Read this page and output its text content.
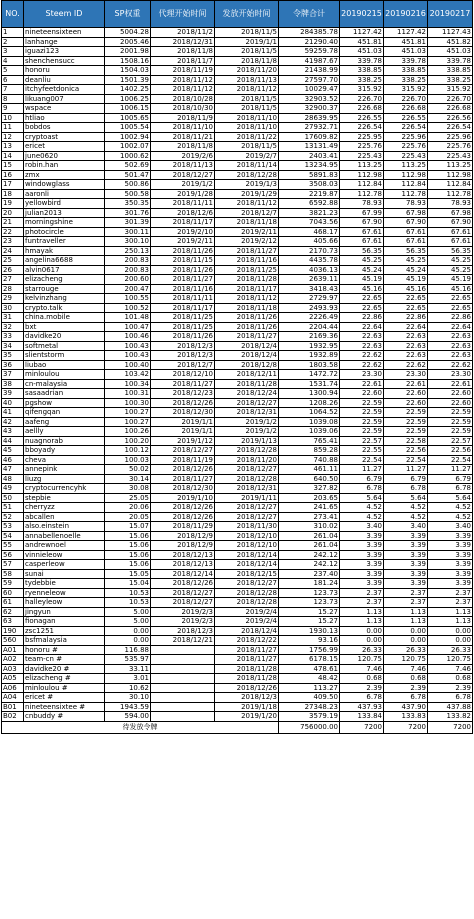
NO.	Steem ID	SP权重	代理开始时间	发放开始时间	令牌合计	20190215	20190216	20190217
1	nineteensixteen	5004.28	2018/11/2	2018/11/5	284385.78	1127.42	1127.42	1127.43
2	lanhange	2005.46	2018/12/31	2019/1/1	21290.40	451.81	451.81	451.82
3	iguazi123	2001.98	2018/11/8	2018/11/5	59259.78	451.03	451.03	451.03
4	shenchensucc	1508.16	2018/11/7	2018/11/8	41987.67	339.78	339.78	339.78
5	honoru	1504.03	2018/11/19	2018/11/20	21438.99	338.85	338.85	338.85
6	deanliu	1501.39	2018/11/12	2018/11/13	27597.70	338.25	338.25	338.25
7	itchyfeetdonica	1402.25	2018/11/12	2018/11/12	10029.47	315.92	315.92	315.92
8	likuang007	1006.25	2018/10/28	2018/11/5	32903.52	226.70	226.70	226.70
9	wspace	1006.15	2018/10/30	2018/11/5	32900.37	226.68	226.68	226.68
10	htliao	1005.65	2018/11/9	2018/11/10	28639.95	226.55	226.55	226.56
11	bobdos	1005.54	2018/11/10	2018/11/10	27932.71	226.54	226.54	226.54
12	cryptoast	1002.94	2018/11/21	2018/11/22	17609.82	225.95	225.96	225.96
13	ericet	1002.07	2018/11/8	2018/11/5	13131.49	225.76	225.76	225.76
14	june0620	1000.62	2019/2/6	2019/2/7	2403.41	225.43	225.43	225.43
15	robin.han	502.69	2018/11/13	2018/11/14	13234.95	113.25	113.25	113.25
16	zmx	501.47	2018/12/27	2018/12/28	5891.83	112.98	112.98	112.98
17	windowglass	500.86	2019/1/2	2019/1/3	3508.03	112.84	112.84	112.84
18	aaronli	500.58	2019/1/28	2019/1/29	2219.87	112.78	112.78	112.78
19	yellowbird	350.35	2018/11/11	2018/11/12	6592.88	78.93	78.93	78.93
20	julian2013	301.76	2018/12/6	2018/12/7	3821.23	67.99	67.98	67.98
21	morningshine	301.39	2018/11/17	2018/11/18	7043.56	67.90	67.90	67.90
22	photocircle	300.11	2019/2/10	2019/2/11	468.17	67.61	67.61	67.61
23	funtraveller	300.10	2019/2/11	2019/2/12	405.66	67.61	67.61	67.61
24	hmayak	250.13	2018/11/26	2018/11/27	2170.73	56.35	56.35	56.35
25	angelina6688	200.83	2018/11/15	2018/11/16	4435.78	45.25	45.25	45.25
26	alvin0617	200.83	2018/11/26	2018/11/25	4036.13	45.24	45.24	45.25
27	elizacheng	200.60	2018/11/27	2018/11/28	2639.11	45.19	45.19	45.19
28	starrouge	200.47	2018/11/16	2018/11/17	3418.43	45.16	45.16	45.16
29	kelvinzhang	100.55	2018/11/11	2018/11/12	2729.97	22.65	22.65	22.65
30	crypto.talk	100.52	2018/11/17	2018/11/18	2493.93	22.65	22.65	22.65
31	china.mobile	101.48	2018/11/25	2018/11/26	2226.49	22.86	22.86	22.86
32	bxt	100.47	2018/11/25	2018/11/26	2204.44	22.64	22.64	22.64
33	davidke20	100.46	2018/11/26	2018/11/27	2169.36	22.63	22.63	22.63
34	softmetal	100.43	2018/12/3	2018/12/4	1932.95	22.63	22.63	22.63
35	slientstorm	100.43	2018/12/3	2018/12/4	1932.89	22.62	22.63	22.63
36	liubao	100.40	2018/12/7	2018/12/8	1803.58	22.62	22.62	22.62
37	minloulou	103.42	2018/12/10	2018/12/11	1472.72	23.30	23.30	23.30
38	cn-malaysia	100.34	2018/11/27	2018/11/28	1531.74	22.61	22.61	22.61
39	sasaadrian	100.31	2018/12/23	2018/12/24	1300.94	22.60	22.60	22.60
40	pgshow	100.30	2018/12/26	2018/12/27	1208.26	22.59	22.60	22.60
41	qifengqan	100.27	2018/12/30	2018/12/31	1064.52	22.59	22.59	22.59
42	aafeng	100.27	2019/1/1	2019/1/2	1039.08	22.59	22.59	22.59
43	aellly	100.26	2019/1/1	2019/1/2	1039.06	22.59	22.59	22.59
44	nuagnorab	100.20	2019/1/12	2019/1/13	765.41	22.57	22.58	22.57
45	bboyady	100.12	2018/12/27	2018/12/28	859.28	22.55	22.56	22.56
46	cheva	100.03	2018/11/19	2018/11/20	740.88	22.54	22.54	22.54
47	annepink	50.02	2018/12/26	2018/12/27	461.11	11.27	11.27	11.27
48	liuzg	30.14	2018/11/27	2018/12/28	640.50	6.79	6.79	6.79
49	cryptocurrencyhk	30.08	2018/12/30	2018/12/31	327.82	6.78	6.78	6.78
50	stepbie	25.05	2019/1/10	2019/1/11	203.65	5.64	5.64	5.64
51	cherryzz	20.06	2018/12/26	2018/12/27	241.65	4.52	4.52	4.52
52	abcallen	20.05	2018/12/26	2018/12/27	273.41	4.52	4.52	4.52
53	also.einstein	15.07	2018/11/29	2018/11/30	310.02	3.40	3.40	3.40
54	annabellenoelle	15.06	2018/12/9	2018/12/10	261.04	3.39	3.39	3.39
55	andrewnoel	15.06	2018/12/9	2018/12/10	261.04	3.39	3.39	3.39
56	vinnieleow	15.06	2018/12/13	2018/12/14	242.12	3.39	3.39	3.39
57	casperleow	15.06	2018/12/13	2018/12/14	242.12	3.39	3.39	3.39
58	sunai	15.05	2018/12/14	2018/12/15	237.40	3.39	3.39	3.39
59	tydebbie	15.04	2018/12/26	2018/12/27	181.24	3.39	3.39	3.39
60	ryenneleow	10.53	2018/12/27	2018/12/28	123.73	2.37	2.37	2.37
61	halleyleow	10.53	2018/12/27	2018/12/28	123.73	2.37	2.37	2.37
62	jingyun	5.00	2019/2/3	2019/2/4	15.27	1.13	1.13	1.13
63	fionagan	5.00	2019/2/3	2019/2/4	15.27	1.13	1.13	1.13
190	zsc1251	0.00	2018/12/3	2018/12/4	1930.13	0.00	0.00	0.00
560	bsfmalaysia	0.00	2018/12/21	2018/12/22	93.16	0.00	0.00	0.00
A01	honoru #	116.88		2018/11/27	1756.99	26.33	26.33	26.33
A02	team-cn #	535.97		2018/11/27	6178.15	120.75	120.75	120.75
A03	davidke20 #	33.11		2018/11/28	478.61	7.46	7.46	7.46
A05	elizacheng #	3.01		2018/11/28	48.42	0.68	0.68	0.68
A06	minloulou #	10.62		2018/12/26	113.27	2.39	2.39	2.39
A04	ericet #	30.10		2018/12/3	409.50	6.78	6.78	6.78
B01	nineteensixtee #	1943.59		2019/1/18	27348.23	437.93	437.90	437.88
B02	cnbuddy #	594.00		2019/1/20	3579.19	133.84	133.83	133.82
待发放令牌					756000.00	7200	7200	7200
